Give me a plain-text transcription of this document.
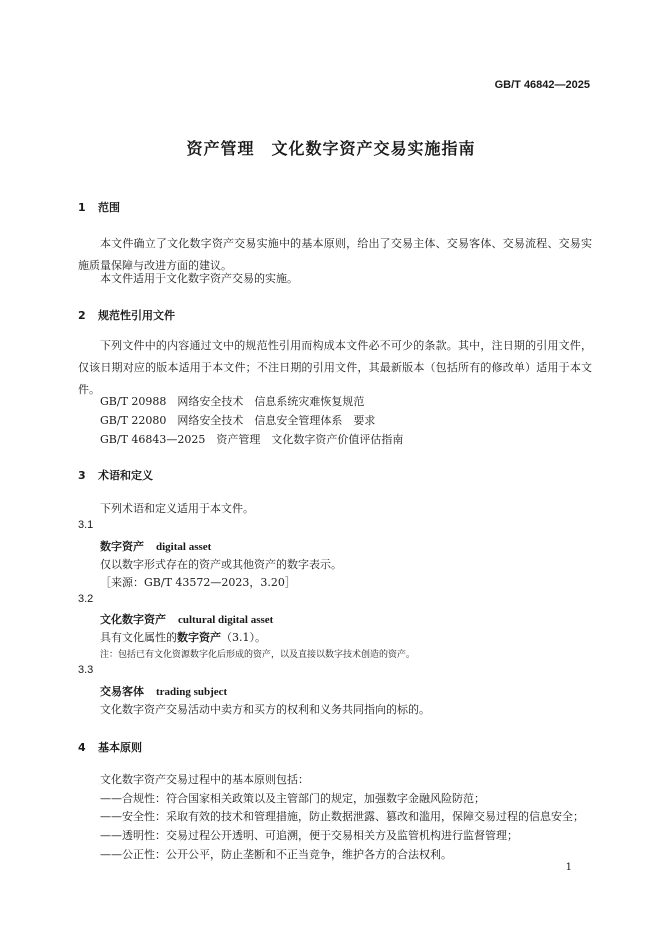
GB/T 46842—2025
资产管理　文化数字资产交易实施指南
1 范围
本文件确立了文化数字资产交易实施中的基本原则，给出了交易主体、交易客体、交易流程、交易实施质量保障与改进方面的建议。
本文件适用于文化数字资产交易的实施。
2 规范性引用文件
下列文件中的内容通过文中的规范性引用而构成本文件必不可少的条款。其中，注日期的引用文件，仅该日期对应的版本适用于本文件；不注日期的引用文件，其最新版本（包括所有的修改单）适用于本文件。
GB/T 20988　网络安全技术　信息系统灾难恢复规范
GB/T 22080　网络安全技术　信息安全管理体系　要求
GB/T 46843—2025　资产管理　文化数字资产价值评估指南
3 术语和定义
下列术语和定义适用于本文件。
3.1
数字资产 digital asset
仅以数字形式存在的资产或其他资产的数字表示。
［来源：GB/T 43572—2023，3.20］
3.2
文化数字资产 cultural digital asset
具有文化属性的数字资产（3.1）。
注：包括已有文化资源数字化后形成的资产，以及直接以数字技术创造的资产。
3.3
交易客体 trading subject
文化数字资产交易活动中卖方和买方的权利和义务共同指向的标的。
4 基本原则
文化数字资产交易过程中的基本原则包括：
——合规性：符合国家相关政策以及主管部门的规定，加强数字金融风险防范；
——安全性：采取有效的技术和管理措施，防止数据泄露、篡改和滥用，保障交易过程的信息安全；
——透明性：交易过程公开透明、可追溯，便于交易相关方及监管机构进行监督管理；
——公正性：公开公平，防止垄断和不正当竞争，维护各方的合法权利。
1
